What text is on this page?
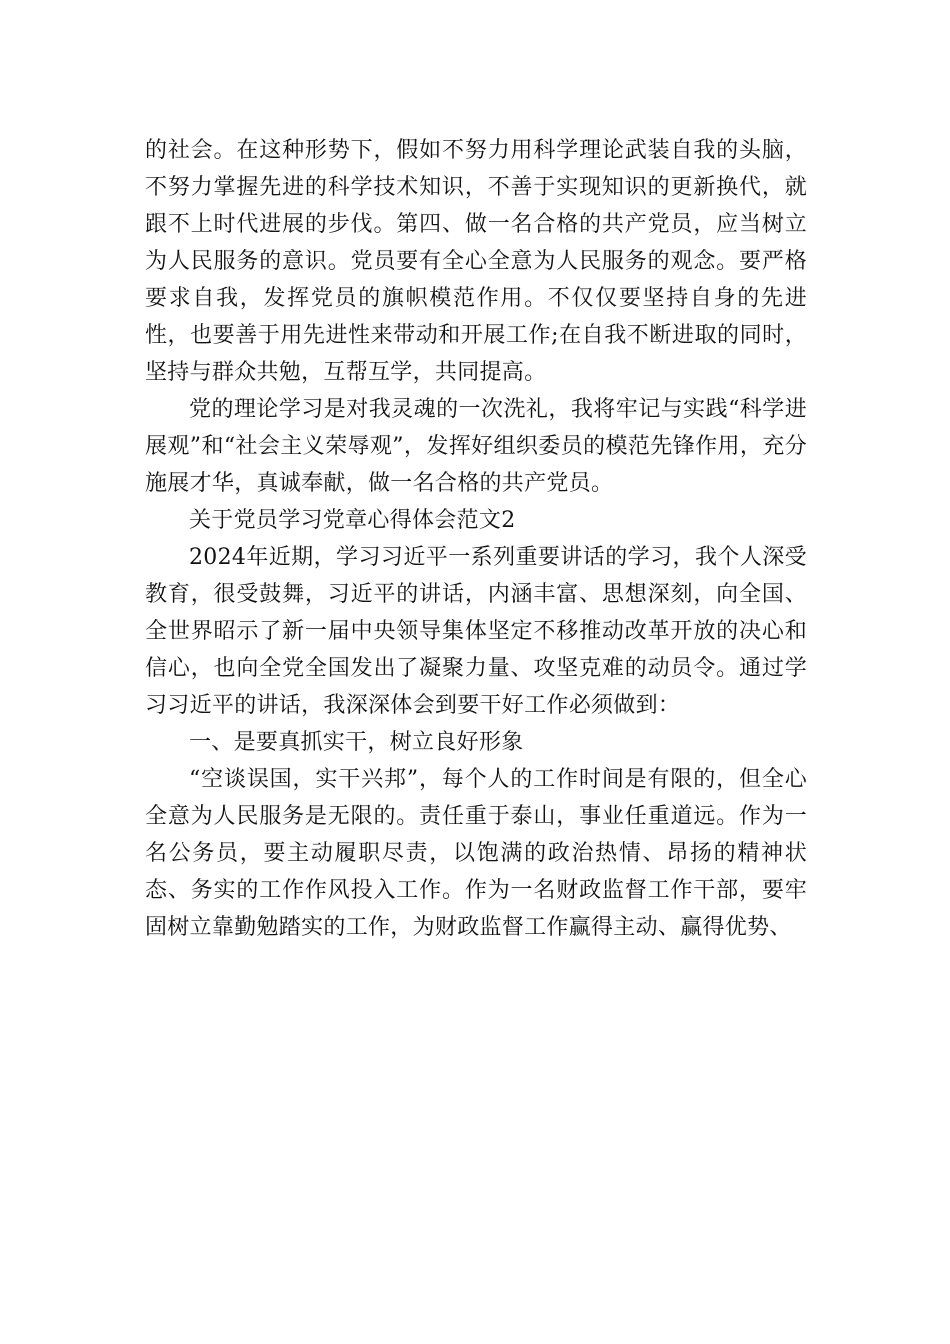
的社会。在这种形势下，假如不努力用科学理论武装自我的头脑，不努力掌握先进的科学技术知识，不善于实现知识的更新换代，就跟不上时代进展的步伐。第四、做一名合格的共产党员，应当树立为人民服务的意识。党员要有全心全意为人民服务的观念。要严格要求自我，发挥党员的旗帜模范作用。不仅仅要坚持自身的先进性，也要善于用先进性来带动和开展工作;在自我不断进取的同时，坚持与群众共勉，互帮互学，共同提高。

党的理论学习是对我灵魂的一次洗礼，我将牢记与实践“科学进展观”和“社会主义荣辱观”，发挥好组织委员的模范先锋作用，充分施展才华，真诚奉献，做一名合格的共产党员。

关于党员学习党章心得体会范文2

2024年近期，学习习近平一系列重要讲话的学习，我个人深受教育，很受鼓舞，习近平的讲话，内涵丰富、思想深刻，向全国、全世界昭示了新一届中央领导集体坚定不移推动改革开放的决心和信心，也向全党全国发出了凝聚力量、攻坚克难的动员令。通过学习习近平的讲话，我深深体会到要干好工作必须做到：

一、是要真抓实干，树立良好形象

“空谈误国，实干兴邦”，每个人的工作时间是有限的，但全心全意为人民服务是无限的。责任重于泰山，事业任重道远。作为一名公务员，要主动履职尽责，以饱满的政治热情、昂扬的精神状态、务实的工作作风投入工作。作为一名财政监督工作干部，要牢固树立靠勤勉踏实的工作，为财政监督工作赢得主动、赢得优势、
